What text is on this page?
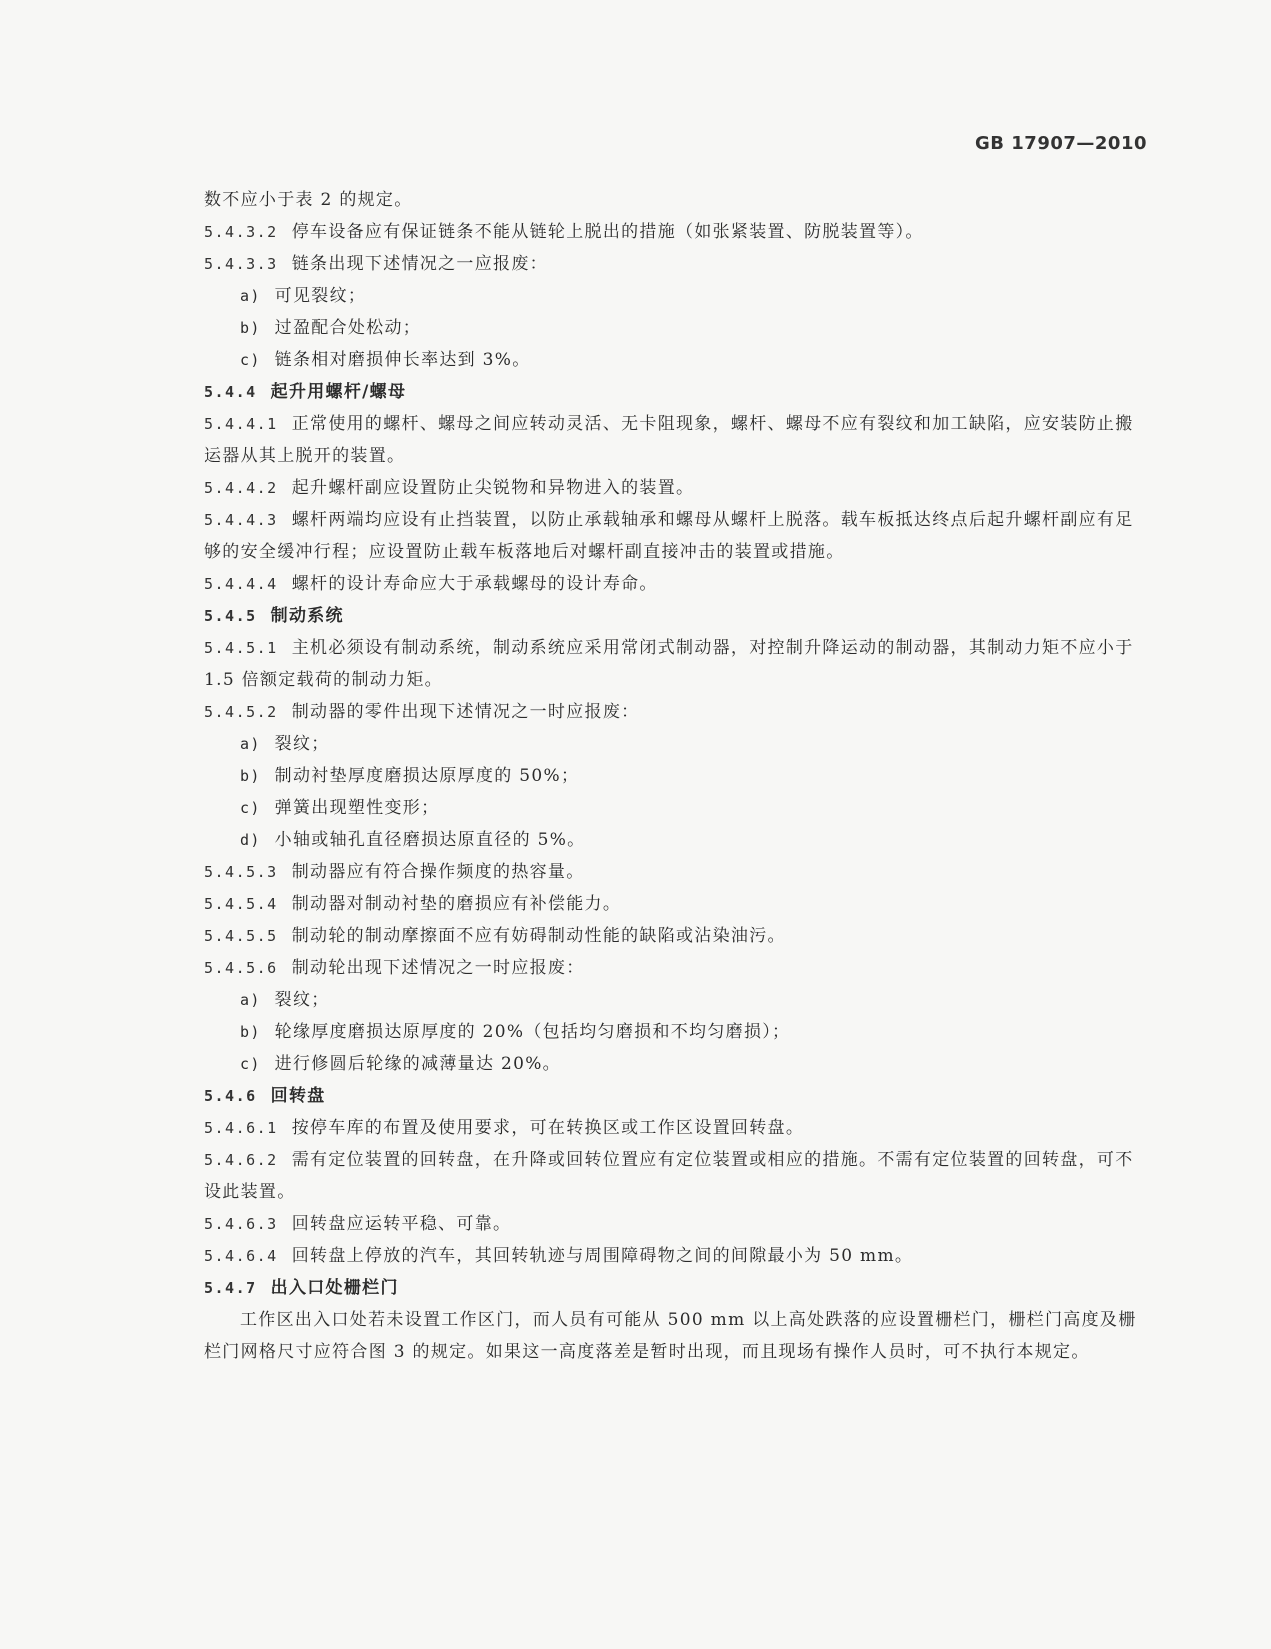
GB 17907—2010

数不应小于表 2 的规定。

5.4.3.2 停车设备应有保证链条不能从链轮上脱出的措施（如张紧装置、防脱装置等）。

5.4.3.3 链条出现下述情况之一应报废：

a) 可见裂纹；

b) 过盈配合处松动；

c) 链条相对磨损伸长率达到 3%。

5.4.4 起升用螺杆/螺母

5.4.4.1 正常使用的螺杆、螺母之间应转动灵活、无卡阻现象，螺杆、螺母不应有裂纹和加工缺陷，应安装防止搬运器从其上脱开的装置。

5.4.4.2 起升螺杆副应设置防止尖锐物和异物进入的装置。

5.4.4.3 螺杆两端均应设有止挡装置，以防止承载轴承和螺母从螺杆上脱落。载车板抵达终点后起升螺杆副应有足够的安全缓冲行程；应设置防止载车板落地后对螺杆副直接冲击的装置或措施。

5.4.4.4 螺杆的设计寿命应大于承载螺母的设计寿命。

5.4.5 制动系统

5.4.5.1 主机必须设有制动系统，制动系统应采用常闭式制动器，对控制升降运动的制动器，其制动力矩不应小于 1.5 倍额定载荷的制动力矩。

5.4.5.2 制动器的零件出现下述情况之一时应报废：

a) 裂纹；

b) 制动衬垫厚度磨损达原厚度的 50%；

c) 弹簧出现塑性变形；

d) 小轴或轴孔直径磨损达原直径的 5%。

5.4.5.3 制动器应有符合操作频度的热容量。

5.4.5.4 制动器对制动衬垫的磨损应有补偿能力。

5.4.5.5 制动轮的制动摩擦面不应有妨碍制动性能的缺陷或沾染油污。

5.4.5.6 制动轮出现下述情况之一时应报废：

a) 裂纹；

b) 轮缘厚度磨损达原厚度的 20%（包括均匀磨损和不均匀磨损）；

c) 进行修圆后轮缘的减薄量达 20%。

5.4.6 回转盘

5.4.6.1 按停车库的布置及使用要求，可在转换区或工作区设置回转盘。

5.4.6.2 需有定位装置的回转盘，在升降或回转位置应有定位装置或相应的措施。不需有定位装置的回转盘，可不设此装置。

5.4.6.3 回转盘应运转平稳、可靠。

5.4.6.4 回转盘上停放的汽车，其回转轨迹与周围障碍物之间的间隙最小为 50 mm。

5.4.7 出入口处栅栏门

工作区出入口处若未设置工作区门，而人员有可能从 500 mm 以上高处跌落的应设置栅栏门，栅栏门高度及栅栏门网格尺寸应符合图 3 的规定。如果这一高度落差是暂时出现，而且现场有操作人员时，可不执行本规定。
